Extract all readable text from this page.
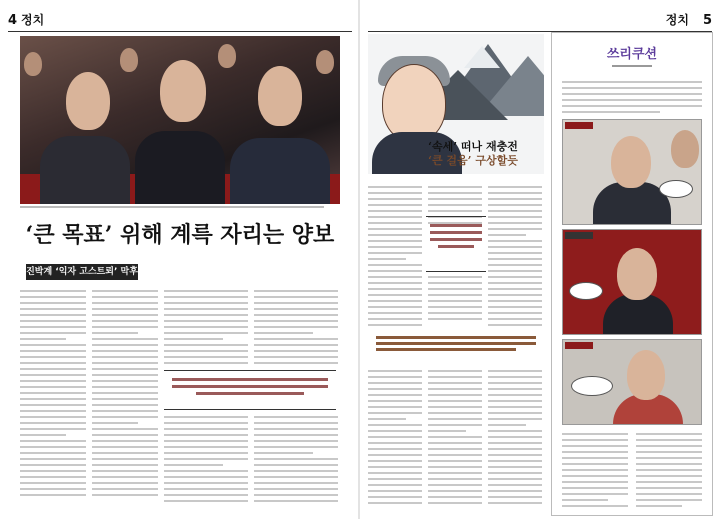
4 정치
‘큰 목표’ 위해 계륵 자리는 양보
진박계 ‘익자 고스트뢰’ 막후
정치 5
‘속세’ 떠나 재충전
‘큰 걸음’ 구상할듯
쓰리쿠션
